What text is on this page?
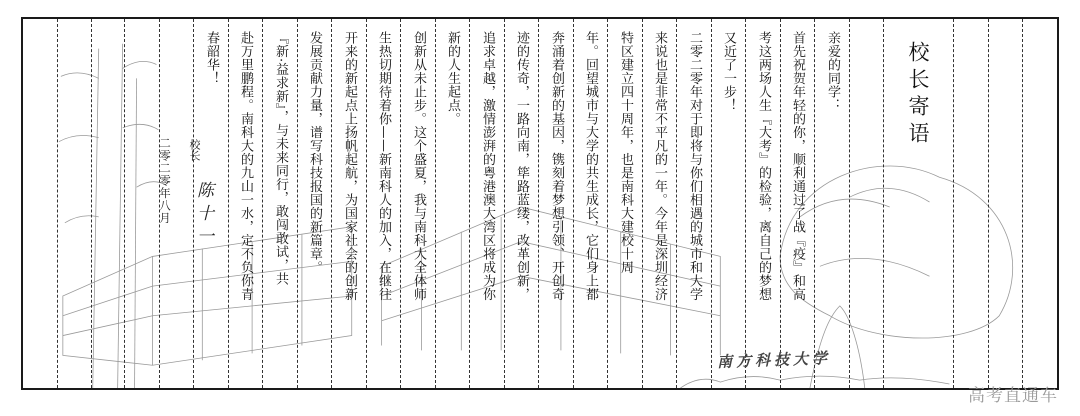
校长寄语
亲爱的同学：
首先祝贺年轻的你，顺利通过了战『疫』和高
考这两场人生『大考』的检验，离自己的梦想
又近了一步！
二零二零年对于即将与你们相遇的城市和大学
来说也是非常不平凡的一年。今年是深圳经济
特区建立四十周年，也是南科大建校十周
年。回望城市与大学的共生成长，它们身上都
奔涌着创新的基因，镌刻着梦想引领、开创奇
迹的传奇，一路向南，筚路蓝缕，改革创新，
追求卓越，激情澎湃的粤港澳大湾区将成为你
新的人生起点。
创新从未止步。这个盛夏，我与南科大全体师
生热切期待着你——新南科人的加入，在继往
开来的新起点上扬帆起航，为国家社会的创新
发展贡献力量，谱写科技报国的新篇章。
『新·益求新』，与未来同行，敢闯敢试，共
赴万里鹏程。南科大的九山一水，定不负你青
春韶华！
校长
陈十一
二零二零年八月
南方科技大学
高考直通车
